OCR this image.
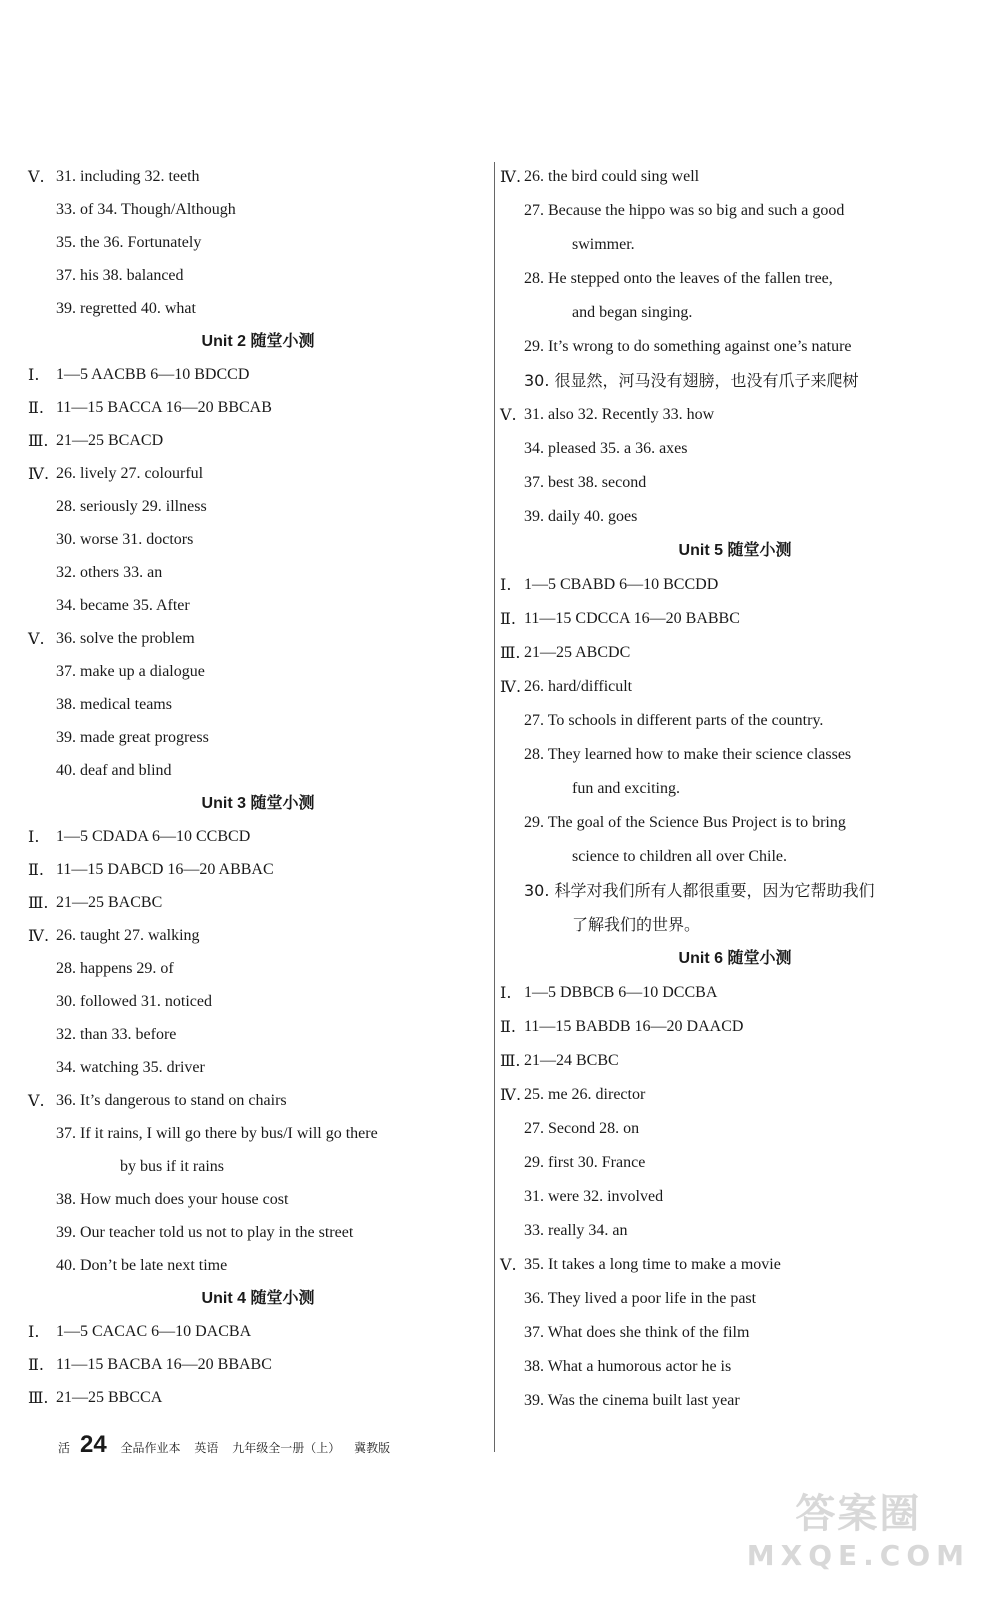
Ⅴ. 31. including 32. teeth
33. of 34. Though/Although
35. the 36. Fortunately
37. his 38. balanced
39. regretted 40. what
Unit 2 随堂小测
Ⅰ.	1—5 AACBB 6—10 BDCCD
Ⅱ. 11—15 BACCA 16—20 BBCAB
Ⅲ. 21—25 BCACD
Ⅳ. 26. lively 27. colourful
28. seriously 29. illness
30. worse 31. doctors
32. others 33. an
34. became 35. After
Ⅴ. 36. solve the problem
37. make up a dialogue
38. medical teams
39. made great progress
40. deaf and blind
Unit 3 随堂小测
Ⅰ.	1—5 CDADA 6—10 CCBCD
Ⅱ. 11—15 DABCD 16—20 ABBAC
Ⅲ. 21—25 BACBC
Ⅳ. 26. taught 27. walking
28. happens 29. of
30. followed 31. noticed
32. than 33. before
34. watching 35. driver
Ⅴ. 36. It’s dangerous to stand on chairs
37. If it rains, I will go there by bus/I will go there
by bus if it rains
38. How much does your house cost
39. Our teacher told us not to play in the street
40. Don’t be late next time
Unit 4 随堂小测
Ⅰ.	1—5 CACAC 6—10 DACBA
Ⅱ. 11—15 BACBA 16—20 BBABC
Ⅲ. 21—25 BBCCA
Ⅳ. 26. the bird could sing well
27. Because the hippo was so big and such a good
swimmer.
28. He stepped onto the leaves of the fallen tree,
and began singing.
29. It’s wrong to do something against one’s nature
30. 很显然，河马没有翅膀，也没有爪子来爬树
Ⅴ. 31. also 32. Recently 33. how
34. pleased 35. a 36. axes
37. best 38. second
39. daily 40. goes
Unit 5 随堂小测
Ⅰ. 1—5 CBABD 6—10 BCCDD
Ⅱ. 11—15 CDCCA 16—20 BABBC
Ⅲ. 21—25 ABCDC
Ⅳ. 26. hard/difficult
27. To schools in different parts of the country.
28. They learned how to make their science classes
fun and exciting.
29. The goal of the Science Bus Project is to bring
science to children all over Chile.
30. 科学对我们所有人都很重要，因为它帮助我们
了解我们的世界。
Unit 6 随堂小测
Ⅰ. 1—5 DBBCB 6—10 DCCBA
Ⅱ. 11—15 BABDB 16—20 DAACD
Ⅲ. 21—24 BCBC
Ⅳ. 25. me 26. director
27. Second 28. on
29. first 30. France
31. were 32. involved
33. really 34. an
Ⅴ. 35. It takes a long time to make a movie
36. They lived a poor life in the past
37. What does she think of the film
38. What a humorous actor he is
39. Was the cinema built last year
活 24 全品作业本 英语 九年级全一册（上） 冀教版
答案圈
MXQE.COM
